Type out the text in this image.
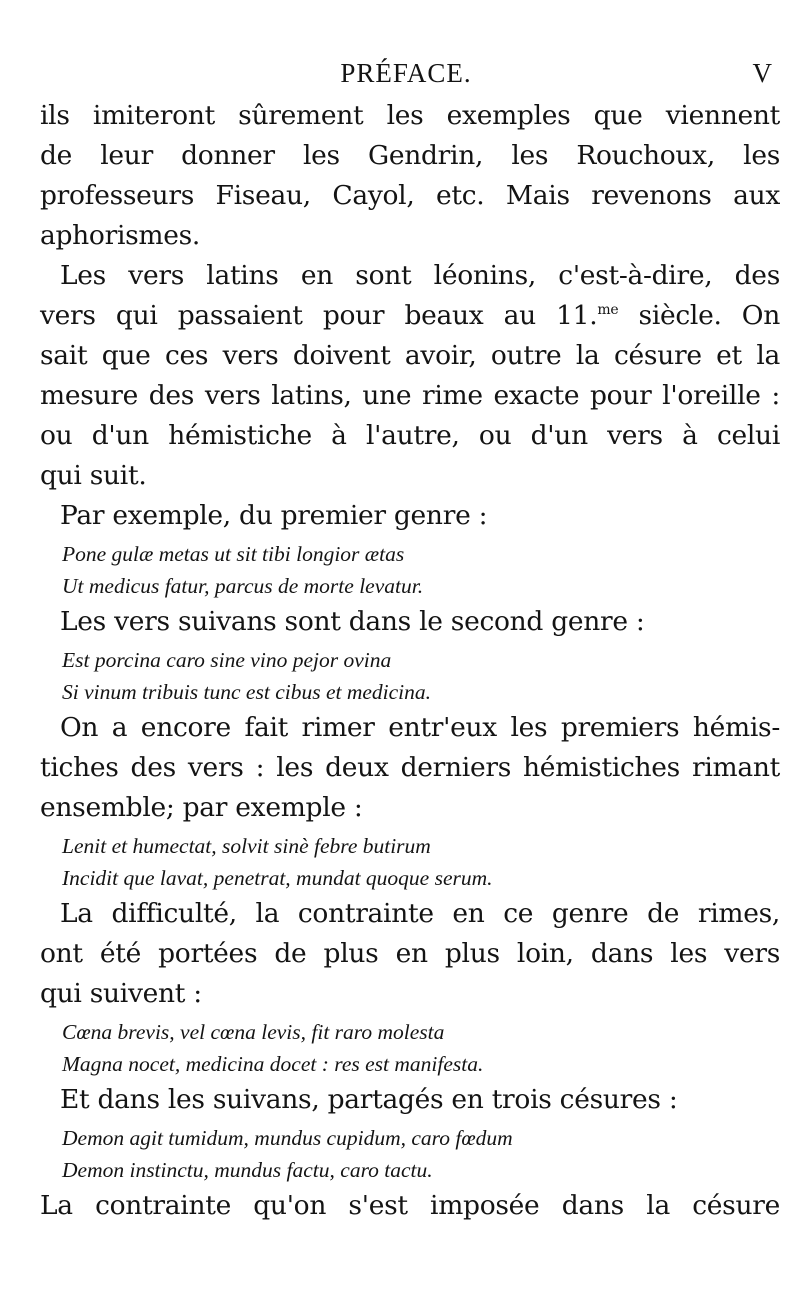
PRÉFACE.	V
ils imiteront sûrement les exemples que viennent
de leur donner les Gendrin, les Rouchoux, les
professeurs Fiseau, Cayol, etc. Mais revenons aux
aphorismes.
Les vers latins en sont léonins, c'est-à-dire, des
vers qui passaient pour beaux au 11.$^{me}$ siècle. On
sait que ces vers doivent avoir, outre la césure et la
mesure des vers latins, une rime exacte pour l'oreille :
ou d'un hémistiche à l'autre, ou d'un vers à celui
qui suit.
Par exemple, du premier genre :
Pone gulæ metas ut sit tibi longior ætas
Ut medicus fatur, parcus de morte levatur.
Les vers suivans sont dans le second genre :
Est porcina caro sine vino pejor ovina
Si vinum tribuis tunc est cibus et medicina.
On a encore fait rimer entr'eux les premiers hémis-
tiches des vers : les deux derniers hémistiches rimant
ensemble; par exemple :
Lenit et humectat, solvit sinè febre butirum
Incidit que lavat, penetrat, mundat quoque serum.
La difficulté, la contrainte en ce genre de rimes,
ont été portées de plus en plus loin, dans les vers
qui suivent :
Cœna brevis, vel cœna levis, fit raro molesta
Magna nocet, medicina docet : res est manifesta.
Et dans les suivans, partagés en trois césures :
Demon agit tumidum, mundus cupidum, caro fœdum
Demon instinctu, mundus factu, caro tactu.
La contrainte qu'on s'est imposée dans la césure
